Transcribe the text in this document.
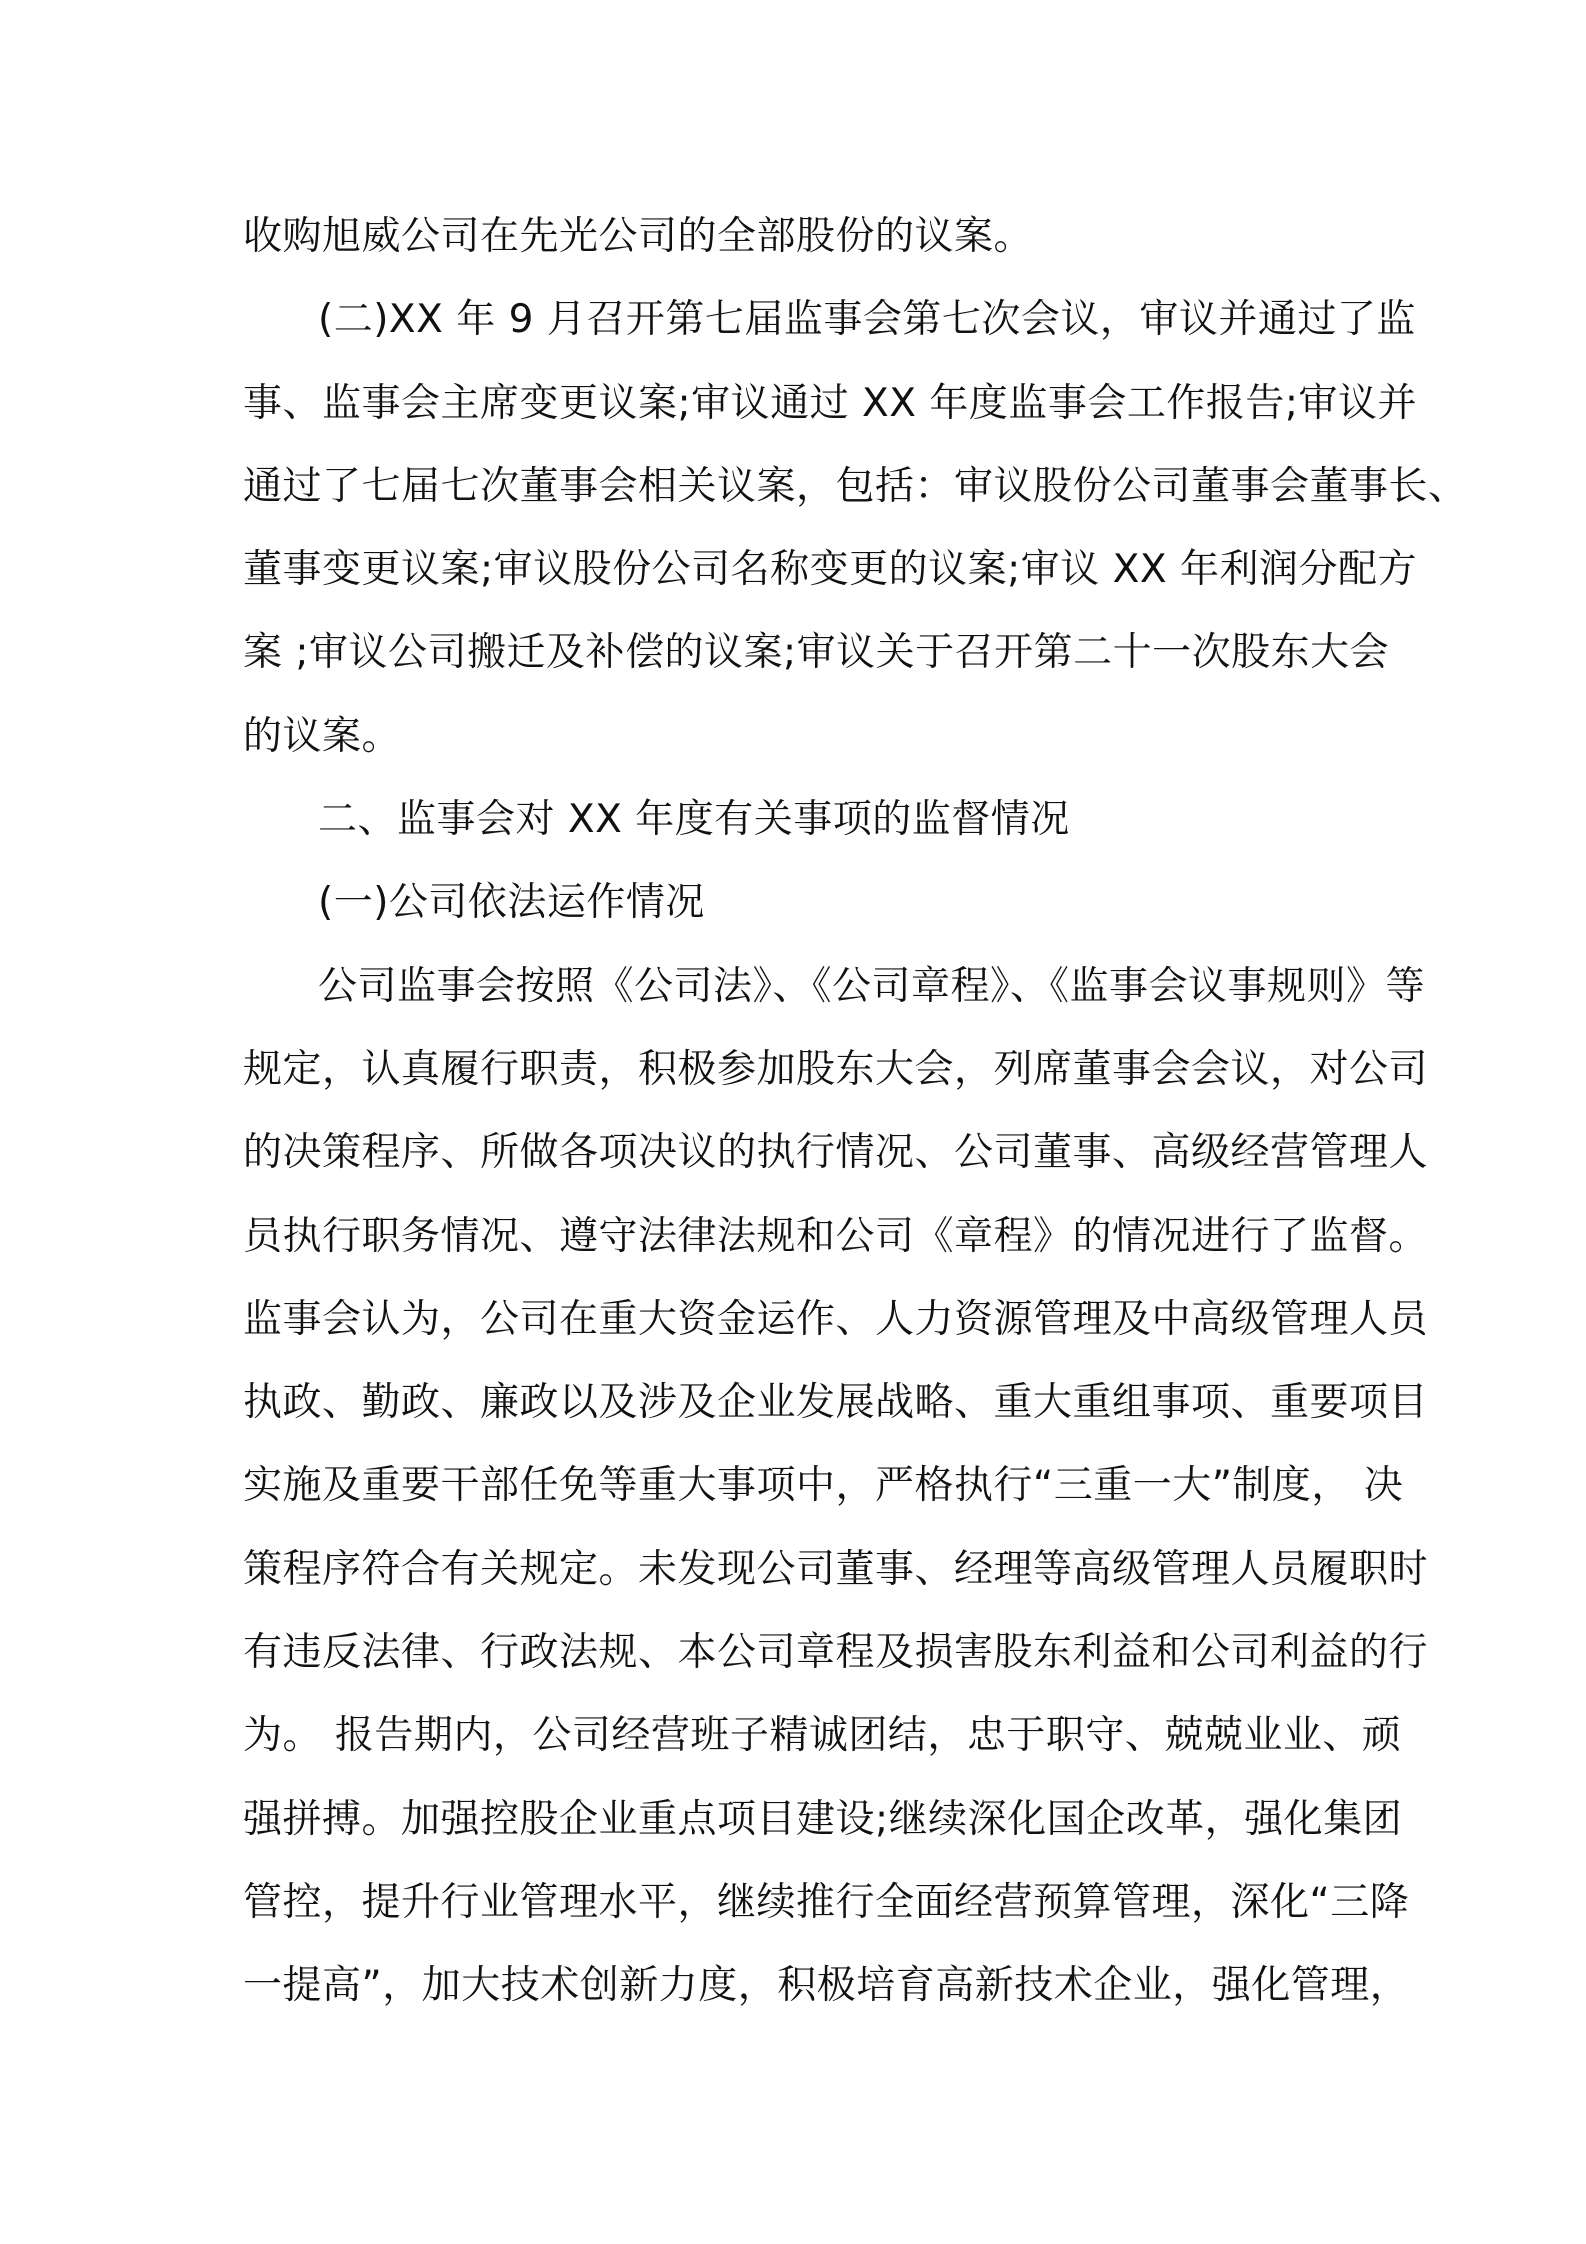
收购旭威公司在先光公司的全部股份的议案。
(二)XX 年 9 月召开第七届监事会第七次会议，审议并通过了监
事、监事会主席变更议案;审议通过 XX 年度监事会工作报告;审议并
通过了七届七次董事会相关议案，包括：审议股份公司董事会董事长、
董事变更议案;审议股份公司名称变更的议案;审议 XX 年利润分配方
案 ;审议公司搬迁及补偿的议案;审议关于召开第二十一次股东大会
的议案。
二、监事会对 XX 年度有关事项的监督情况
(一)公司依法运作情况
公司监事会按照《公司法》、《公司章程》、《监事会议事规则》等
规定，认真履行职责，积极参加股东大会，列席董事会会议，对公司
的决策程序、所做各项决议的执行情况、公司董事、高级经营管理人
员执行职务情况、遵守法律法规和公司《章程》的情况进行了监督。
监事会认为，公司在重大资金运作、人力资源管理及中高级管理人员
执政、勤政、廉政以及涉及企业发展战略、重大重组事项、重要项目
实施及重要干部任免等重大事项中，严格执行“三重一大”制度， 决
策程序符合有关规定。未发现公司董事、经理等高级管理人员履职时
有违反法律、行政法规、本公司章程及损害股东利益和公司利益的行
为。 报告期内，公司经营班子精诚团结，忠于职守、兢兢业业、顽
强拼搏。加强控股企业重点项目建设;继续深化国企改革，强化集团
管控，提升行业管理水平，继续推行全面经营预算管理，深化“三降
一提高”，加大技术创新力度，积极培育高新技术企业，强化管理，
